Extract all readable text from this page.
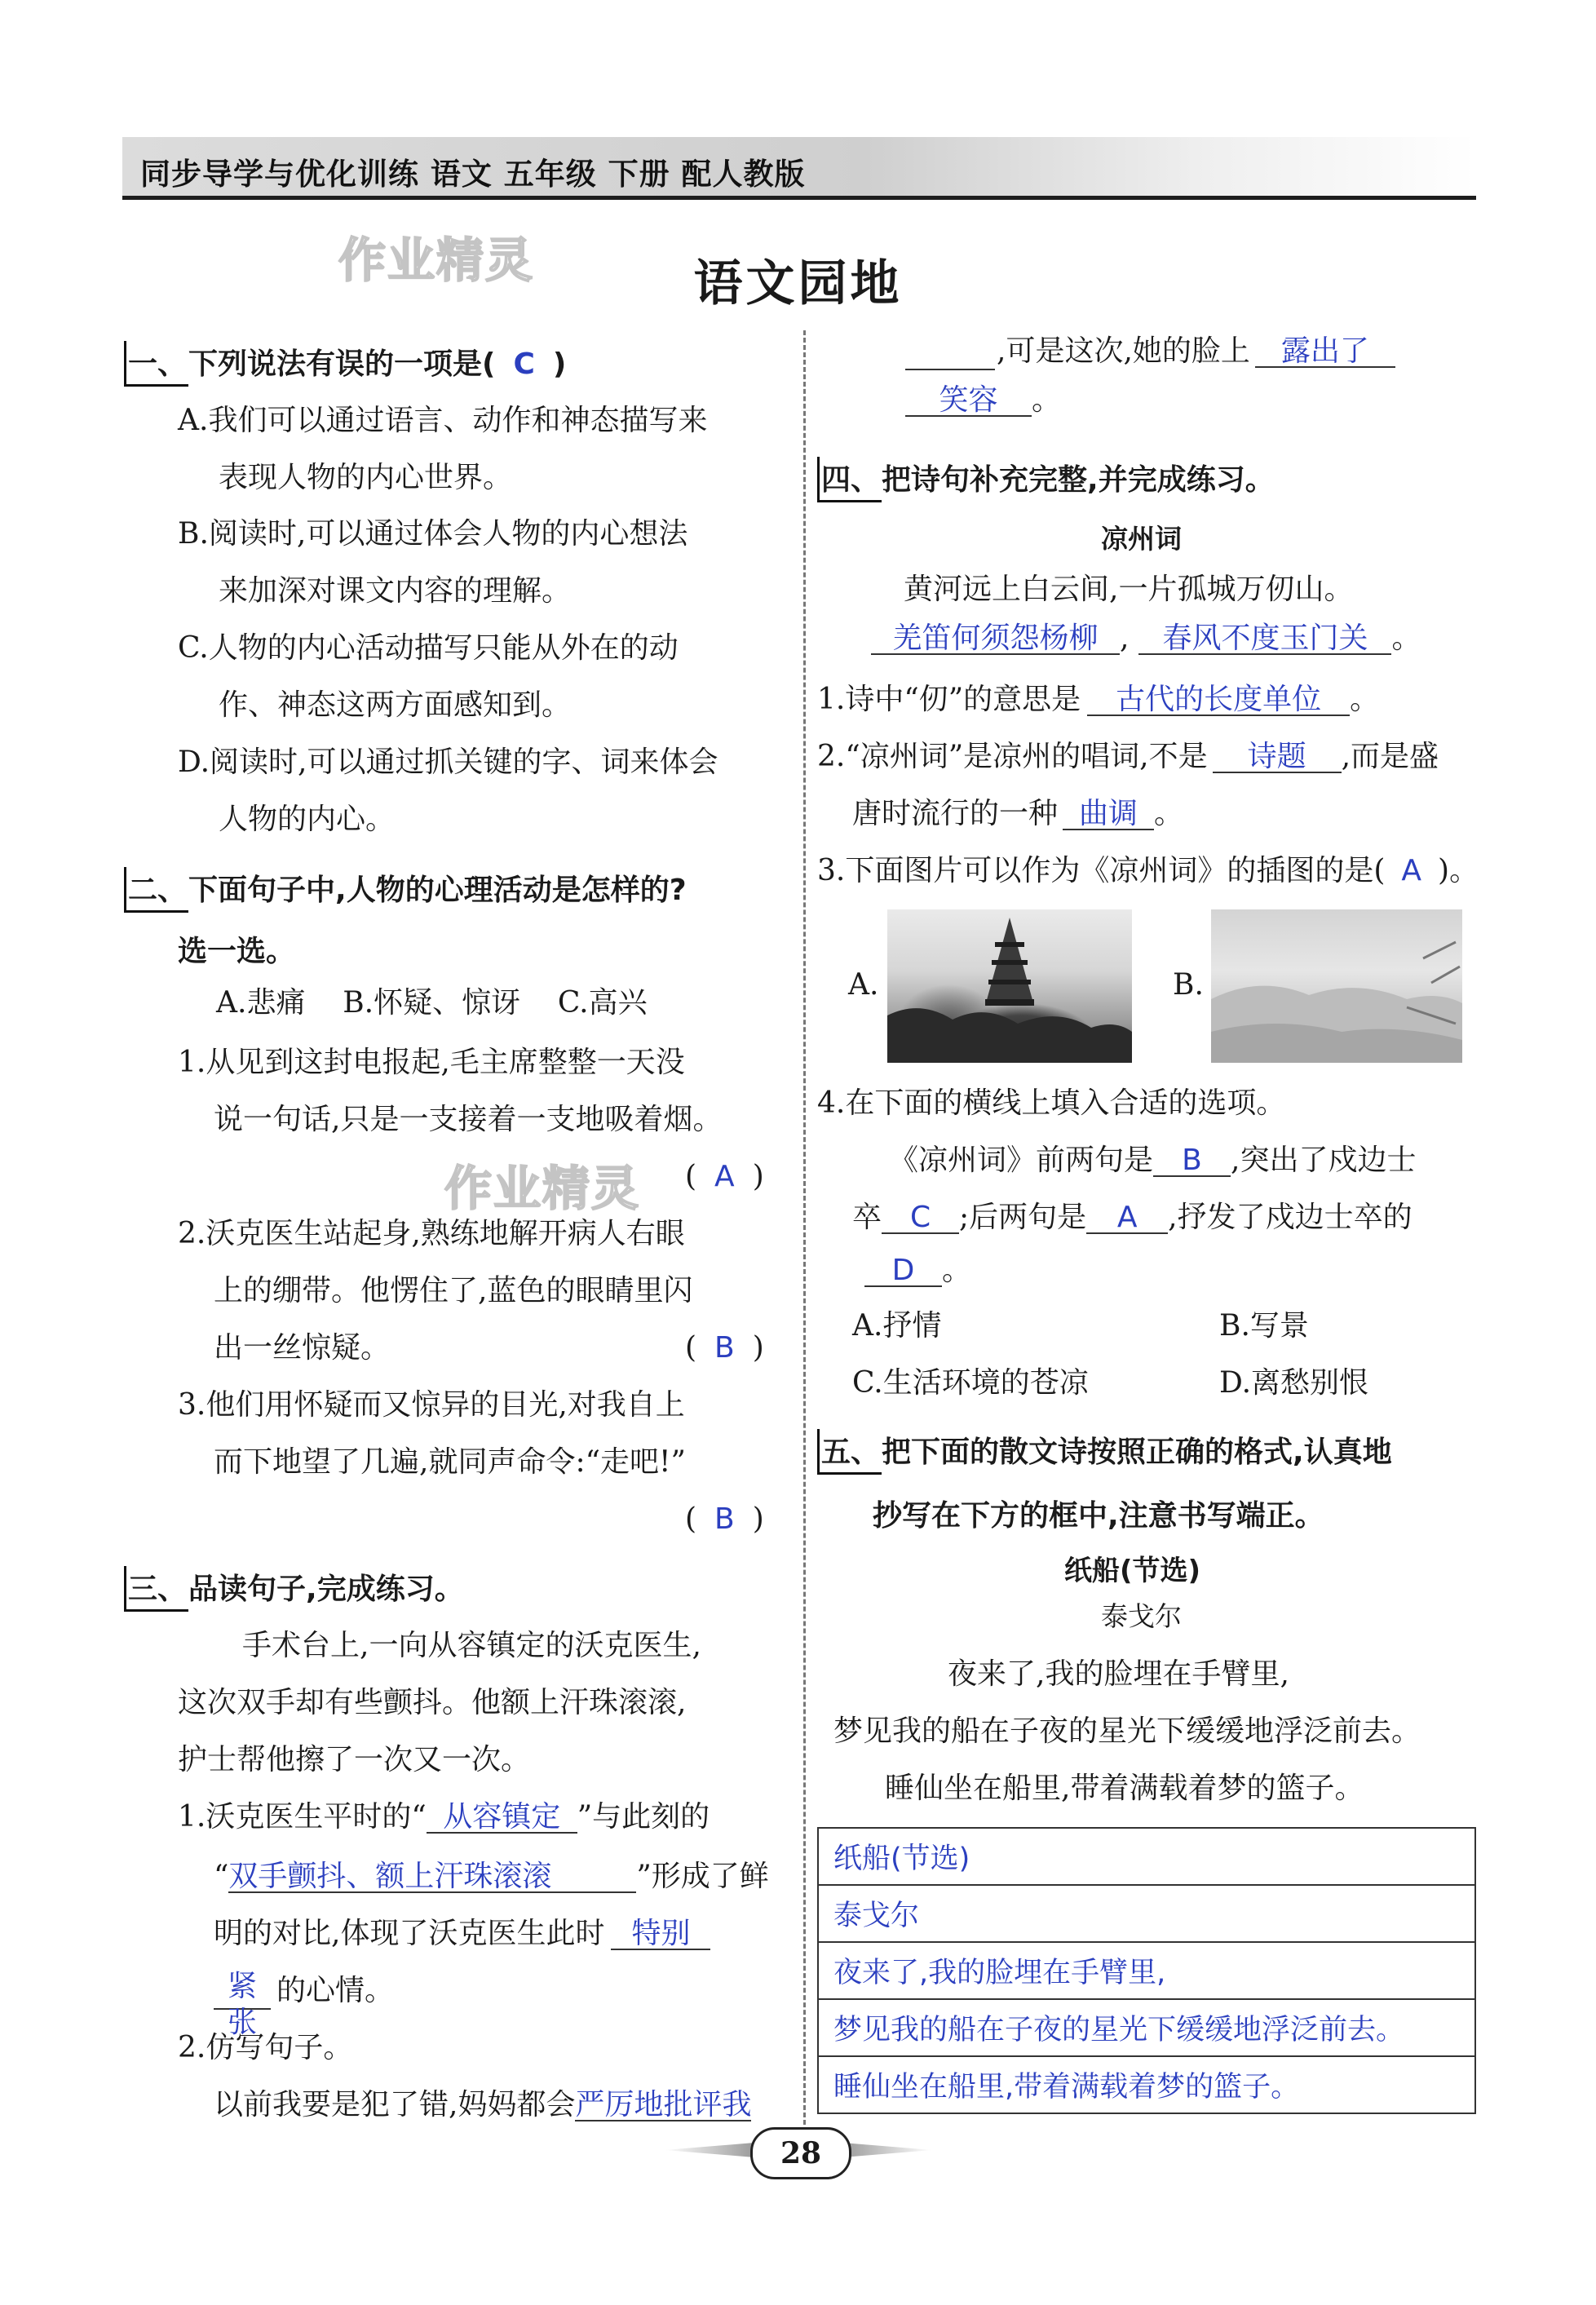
同步导学与优化训练 语文 五年级 下册 配人教版
作业精灵
作业精灵
语文园地
一、下列说法有误的一项是( C )
A.我们可以通过语言、动作和神态描写来
表现人物的内心世界。
B.阅读时,可以通过体会人物的内心想法
来加深对课文内容的理解。
C.人物的内心活动描写只能从外在的动
作、神态这两方面感知到。
D.阅读时,可以通过抓关键的字、词来体会
人物的内心。
二、下面句子中,人物的心理活动是怎样的?
选一选。
A.悲痛    B.怀疑、惊讶    C.高兴
1.从见到这封电报起,毛主席整整一天没
说一句话,只是一支接着一支地吸着烟。
( A )
2.沃克医生站起身,熟练地解开病人右眼
上的绷带。他愣住了,蓝色的眼睛里闪
出一丝惊疑。	( B )
3.他们用怀疑而又惊异的目光,对我自上
而下地望了几遍,就同声命令:“走吧!”
( B )
三、品读句子,完成练习。
手术台上,一向从容镇定的沃克医生,
这次双手却有些颤抖。他额上汗珠滚滚,
护士帮他擦了一次又一次。
1.沃克医生平时的“ 从容镇定 ”与此刻的
“双手颤抖、额上汗珠滚滚	”形成了鲜
明的对比,体现了沃克医生此时 特别
紧 的心情。
张
2.仿写句子。
以前我要是犯了错,妈妈都会严厉地批评我
,可是这次,她的脸上 露出了
笑容 。
四、把诗句补充完整,并完成练习。
凉州词
黄河远上白云间,一片孤城万仞山。
羌笛何须怨杨柳 , 春风不度玉门关 。
1.诗中“仞”的意思是 古代的长度单位 。
2.“凉州词”是凉州的唱词,不是 诗题 ,而是盛
唐时流行的一种 曲调 。
3.下面图片可以作为《凉州词》的插图的是( A )。
A.	B.
4.在下面的横线上填入合适的选项。
《凉州词》前两句是 B ,突出了戍边士
卒 C ;后两句是 A ,抒发了戍边士卒的
D 。
A.抒情	B.写景
C.生活环境的苍凉	D.离愁别恨
五、把下面的散文诗按照正确的格式,认真地
抄写在下方的框中,注意书写端正。
纸船(节选)
泰戈尔
夜来了,我的脸埋在手臂里,
梦见我的船在子夜的星光下缓缓地浮泛前去。
睡仙坐在船里,带着满载着梦的篮子。
纸船(节选)
泰戈尔
夜来了,我的脸埋在手臂里,
梦见我的船在子夜的星光下缓缓地浮泛前去。
睡仙坐在船里,带着满载着梦的篮子。
28
